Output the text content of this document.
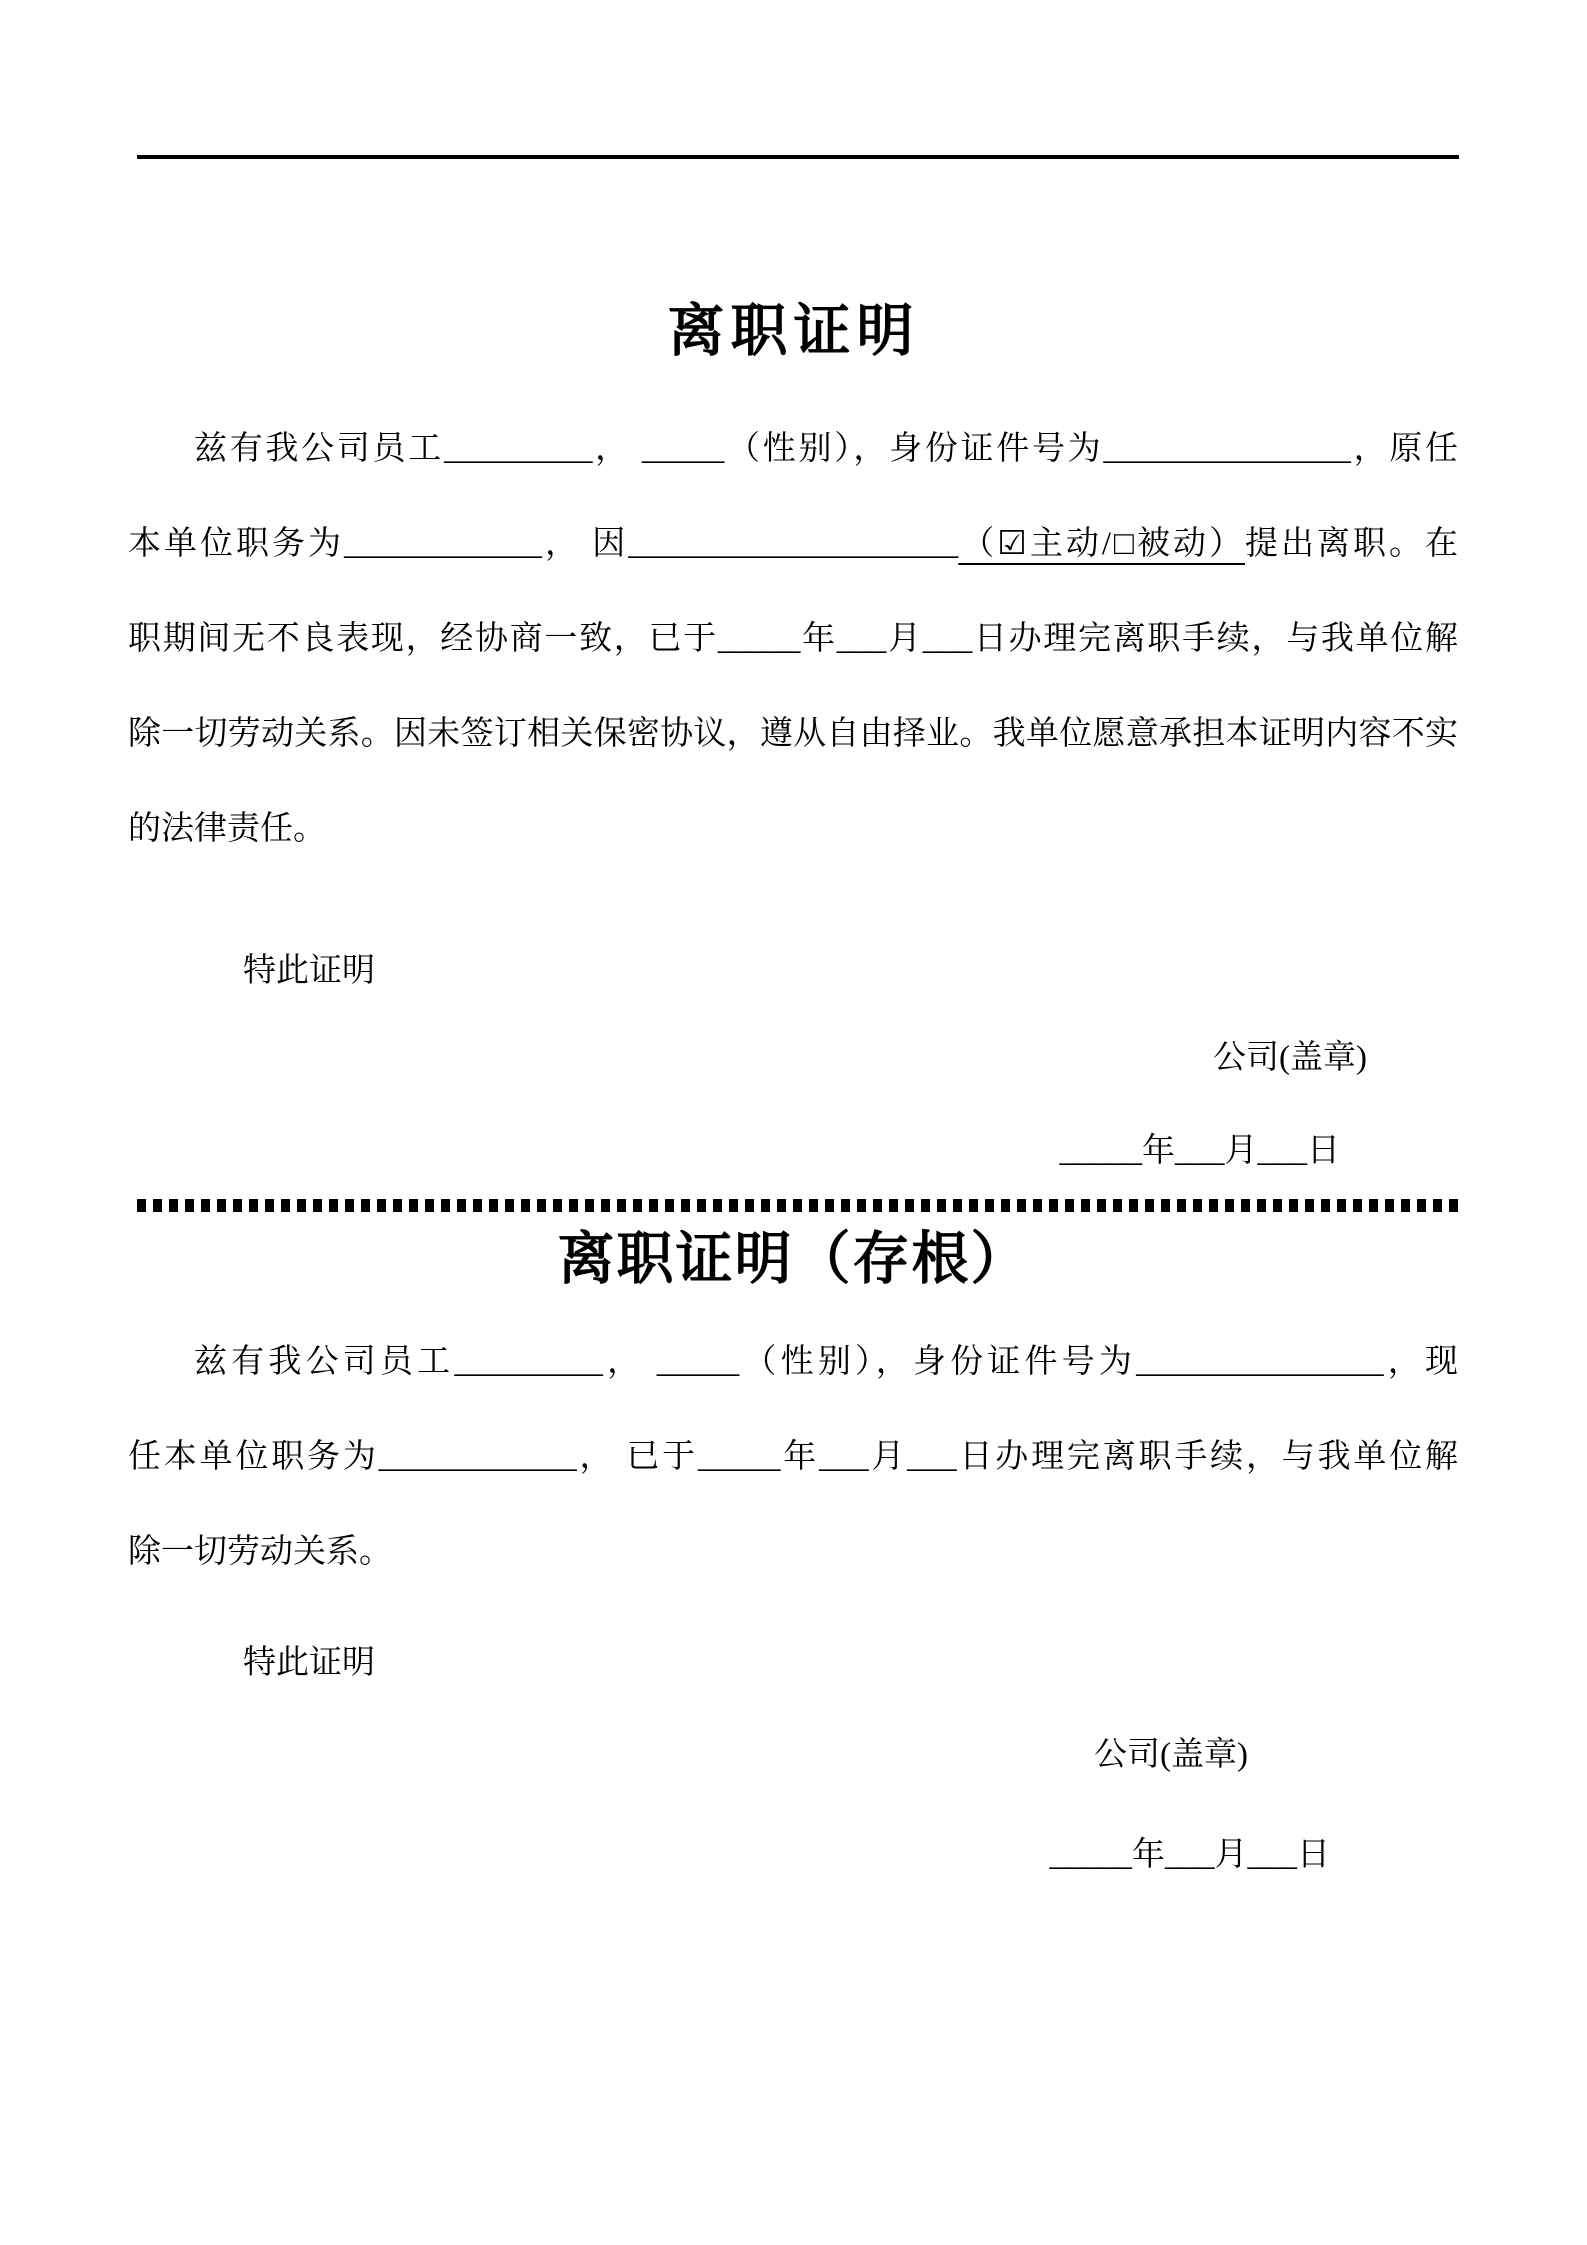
离职证明
兹有我公司员工_________， _____（性别），身份证件号为_______________，原任
本单位职务为____________， 因____________________（☑主动/□被动）提出离职。在
职期间无不良表现，经协商一致，已于_____年___月___日办理完离职手续，与我单位解
除一切劳动关系。因未签订相关保密协议，遵从自由择业。我单位愿意承担本证明内容不实
的法律责任。
特此证明
公司(盖章)
_____年___月___日
离职证明（存根）
兹有我公司员工_________， _____（性别），身份证件号为_______________，现
任本单位职务为____________， 已于_____年___月___日办理完离职手续，与我单位解
除一切劳动关系。
特此证明
公司(盖章)
_____年___月___日
